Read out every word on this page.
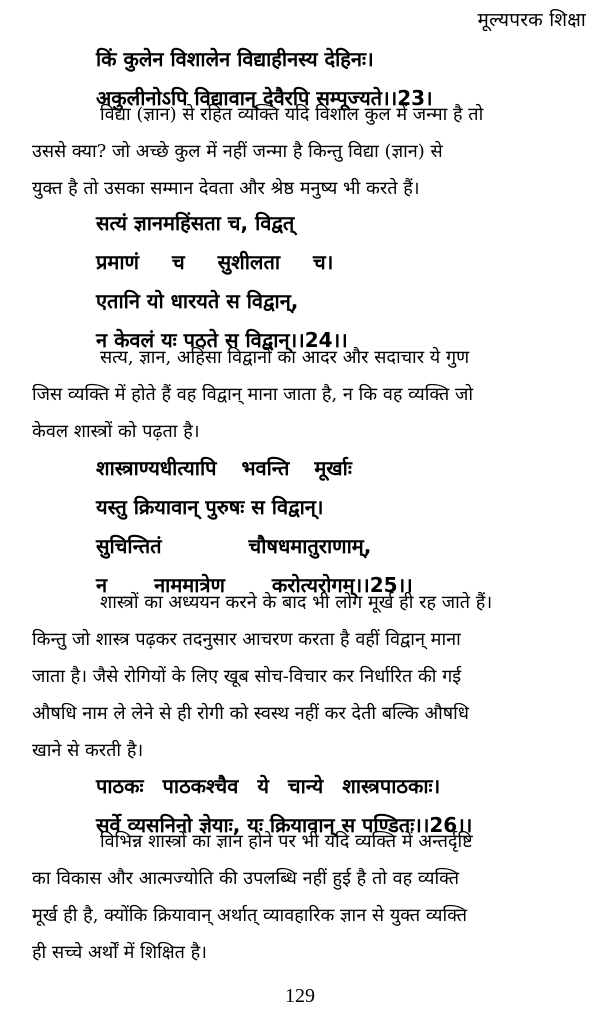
मूल्यपरक शिक्षा
किं कुलेन विशालेन विद्याहीनस्य देहिनः।
अकुलीनोऽपि विद्यावान् देवैरपि सम्पूज्यते।।23।
विद्या (ज्ञान) से रहित व्यक्ति यदि विशाल कुल में जन्मा है तो
उससे क्या? जो अच्छे कुल में नहीं जन्मा है किन्तु विद्या (ज्ञान) से
युक्त है तो उसका सम्मान देवता और श्रेष्ठ मनुष्य भी करते हैं।
सत्यं ज्ञानमहिंसता च, विद्वत्
प्रमाणं च सुशीलता च।
एतानि यो धारयते स विद्वान्,
न केवलं यः पठते स विद्वान्।।24।।
सत्य, ज्ञान, अहिंसा विद्वानों का आदर और सदाचार ये गुण
जिस व्यक्ति में होते हैं वह विद्वान् माना जाता है, न कि वह व्यक्ति जो
केवल शास्त्रों को पढ़ता है।
शास्त्राण्यधीत्यापि भवन्ति मूर्खाः
यस्तु क्रियावान् पुरुषः स विद्वान्।
सुचिन्तितं चौषधमातुराणाम्,
न नाममात्रेण करोत्यरोगम्।।25।।
शास्त्रों का अध्ययन करने के बाद भी लोग मूर्ख ही रह जाते हैं।
किन्तु जो शास्त्र पढ़कर तदनुसार आचरण करता है वहीं विद्वान् माना
जाता है। जैसे रोगियों के लिए खूब सोच-विचार कर निर्धारित की गई
औषधि नाम ले लेने से ही रोगी को स्वस्थ नहीं कर देती बल्कि औषधि
खाने से करती है।
पाठकः पाठकश्चैव ये चान्ये शास्त्रपाठकाः।
सर्वे व्यसनिनो ज्ञेयाः, यः क्रियावान् स पण्डितः।।26।।
विभिन्न शास्त्रों का ज्ञान होने पर भी यदि व्यक्ति में अन्तर्दृष्टि
का विकास और आत्मज्योति की उपलब्धि नहीं हुई है तो वह व्यक्ति
मूर्ख ही है, क्योंकि क्रियावान् अर्थात् व्यावहारिक ज्ञान से युक्त व्यक्ति
ही सच्चे अर्थों में शिक्षित है।
129
